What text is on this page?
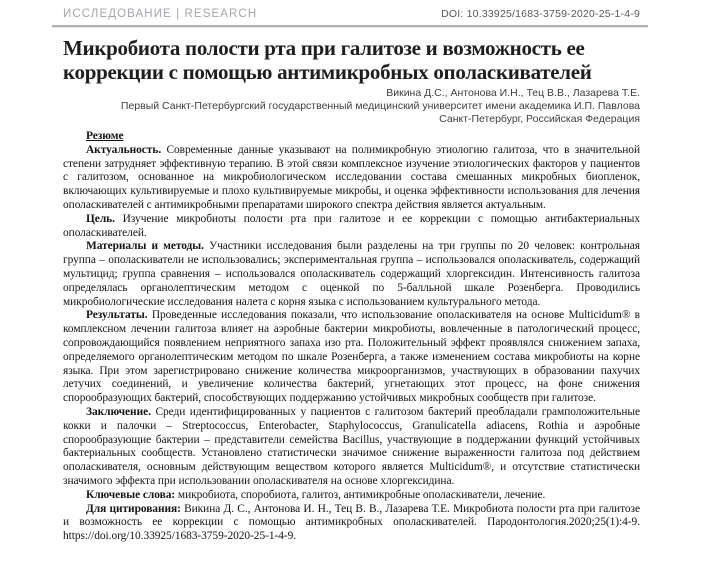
ИССЛЕДОВАНИЕ | RESEARCH	DOI: 10.33925/1683-3759-2020-25-1-4-9
Микробиота полости рта при галитозе и возможность ее коррекции с помощью антимикробных ополаскивателей
Викина Д.С., Антонова И.Н., Тец В.В., Лазарева Т.Е.
Первый Санкт-Петербургский государственный медицинский университет имени академика И.П. Павлова
Санкт-Петербург, Российская Федерация
Резюме

Актуальность. Современные данные указывают на полимикробную этиологию галитоза, что в значительной степени затрудняет эффективную терапию. В этой связи комплексное изучение этиологических факторов у пациентов с галитозом, основанное на микробиологическом исследовании состава смешанных микробных биопленок, включающих культивируемые и плохо культивируемые микробы, и оценка эффективности использования для лечения ополаскивателей с антимикробными препаратами широкого спектра действия является актуальным.

Цель. Изучение микробиоты полости рта при галитозе и ее коррекции с помощью антибактериальных ополаскивателей.

Материалы и методы. Участники исследования были разделены на три группы по 20 человек: контрольная группа – ополаскиватели не использовались; экспериментальная группа – использовался ополаскиватель, содержащий мультицид; группа сравнения – использовался ополаскиватель содержащий хлоргексидин. Интенсивность галитоза определялась органолептическим методом с оценкой по 5-балльной шкале Розенберга. Проводились микробиологические исследования налета с корня языка с использованием культурального метода.

Результаты. Проведенные исследования показали, что использование ополаскивателя на основе Multicidum® в комплексном лечении галитоза влияет на аэробные бактерии микробиоты, вовлеченные в патологический процесс, сопровождающийся появлением неприятного запаха изо рта. Положительный эффект проявлялся снижением запаха, определяемого органолептическим методом по шкале Розенберга, а также изменением состава микробиоты на корне языка. При этом зарегистрировано снижение количества микроорганизмов, участвующих в образовании пахучих летучих соединений, и увеличение количества бактерий, угнетающих этот процесс, на фоне снижения спорообразующих бактерий, способствующих поддержанию устойчивых микробных сообществ при галитозе.

Заключение. Среди идентифицированных у пациентов с галитозом бактерий преобладали грамположительные кокки и палочки – Streptococcus, Enterobacter, Staphylococcus, Granulicatella adiacens, Rothia и аэробные спорообразующие бактерии – представители семейства Bacillus, участвующие в поддержании функций устойчивых бактериальных сообществ. Установлено статистически значимое снижение выраженности галитоза под действием ополаскивателя, основным действующим веществом которого является Multicidum®, и отсутствие статистически значимого эффекта при использовании ополаскивателя на основе хлоргексидина.

Ключевые слова: микробиота, споробиота, галитоз, антимикробные ополаскиватели, лечение.

Для цитирования: Викина Д. С., Антонова И. Н., Тец В. В., Лазарева Т.Е. Микробиота полости рта при галитозе и возможность ее коррекции с помощью антимикробных ополаскивателей. Пародонтология.2020;25(1):4-9. https://doi.org/10.33925/1683-3759-2020-25-1-4-9.
